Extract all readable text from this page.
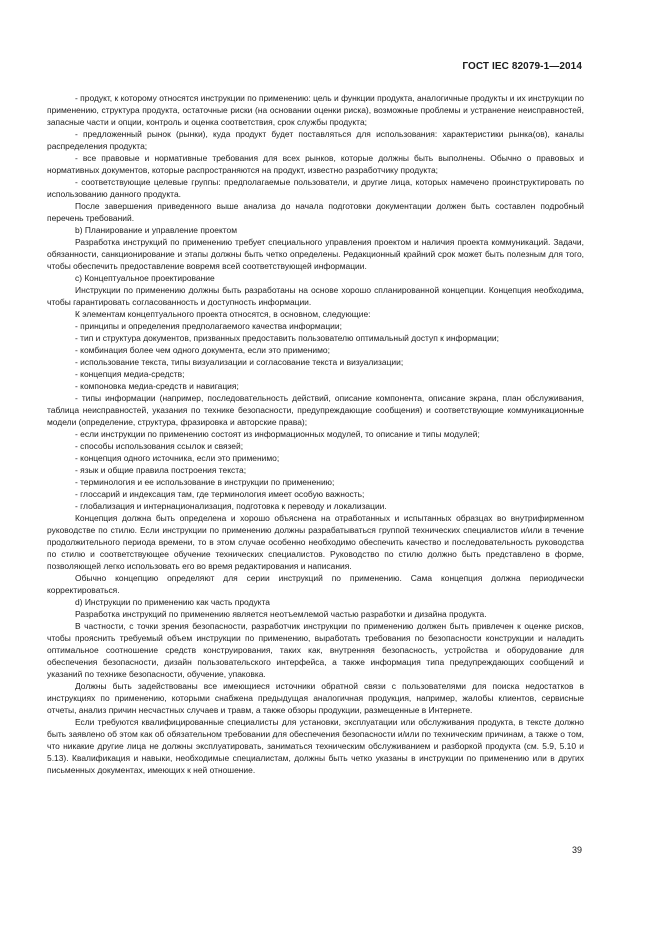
ГОСТ IEC 82079-1—2014

- продукт, к которому относятся инструкции по применению: цель и функции продукта, аналогичные продукты и их инструкции по применению, структура продукта, остаточные риски (на основании оценки риска), возможные проблемы и устранение неисправностей, запасные части и опции, контроль и оценка соответствия, срок службы продукта;

- предложенный рынок (рынки), куда продукт будет поставляться для использования: характеристики рынка(ов), каналы распределения продукта;

- все правовые и нормативные требования для всех рынков, которые должны быть выполнены. Обычно о правовых и нормативных документов, которые распространяются на продукт, известно разработчику продукта;

- соответствующие целевые группы: предполагаемые пользователи, и другие лица, которых намечено проинструктировать по использованию данного продукта.

После завершения приведенного выше анализа до начала подготовки документации должен быть составлен подробный перечень требований.

b) Планирование и управление проектом

Разработка инструкций по применению требует специального управления проектом и наличия проекта коммуникаций. Задачи, обязанности, санкционирование и этапы должны быть четко определены. Редакционный крайний срок может быть полезным для того, чтобы обеспечить предоставление вовремя всей соответствующей информации.

c) Концептуальное проектирование

Инструкции по применению должны быть разработаны на основе хорошо спланированной концепции. Концепция необходима, чтобы гарантировать согласованность и доступность информации.

К элементам концептуального проекта относятся, в основном, следующие:

- принципы и определения предполагаемого качества информации;

- тип и структура документов, призванных предоставить пользователю оптимальный доступ к информации;

- комбинация более чем одного документа, если это применимо;

- использование текста, типы визуализации и согласование текста и визуализации;

- концепция медиа-средств;

- компоновка медиа-средств и навигация;

- типы информации (например, последовательность действий, описание компонента, описание экрана, план обслуживания, таблица неисправностей, указания по технике безопасности, предупреждающие сообщения) и соответствующие коммуникационные модели (определение, структура, фразировка и авторские права);

- если инструкции по применению состоят из информационных модулей, то описание и типы модулей;

- способы использования ссылок и связей;

- концепция одного источника, если это применимо;

- язык и общие правила построения текста;

- терминология и ее использование в инструкции по применению;

- глоссарий и индексация там, где терминология имеет особую важность;

- глобализация и интернационализация, подготовка к переводу и локализации.

Концепция должна быть определена и хорошо объяснена на отработанных и испытанных образцах во внутрифирменном руководстве по стилю. Если инструкции по применению должны разрабатываться группой технических специалистов и/или в течение продолжительного периода времени, то в этом случае особенно необходимо обеспечить качество и последовательность руководства по стилю и соответствующее обучение технических специалистов. Руководство по стилю должно быть представлено в форме, позволяющей легко использовать его во время редактирования и написания.

Обычно концепцию определяют для серии инструкций по применению. Сама концепция должна периодически корректироваться.

d) Инструкции по применению как часть продукта

Разработка инструкций по применению является неотъемлемой частью разработки и дизайна продукта.

В частности, с точки зрения безопасности, разработчик инструкции по применению должен быть привлечен к оценке рисков, чтобы прояснить требуемый объем инструкции по применению, выработать требования по безопасности конструкции и наладить оптимальное соотношение средств конструирования, таких как, внутренняя безопасность, устройства и оборудование для обеспечения безопасности, дизайн пользовательского интерфейса, а также информация типа предупреждающих сообщений и указаний по технике безопасности, обучение, упаковка.

Должны быть задействованы все имеющиеся источники обратной связи с пользователями для поиска недостатков в инструкциях по применению, которыми снабжена предыдущая аналогичная продукция, например, жалобы клиентов, сервисные отчеты, анализ причин несчастных случаев и травм, а также обзоры продукции, размещенные в Интернете.

Если требуются квалифицированные специалисты для установки, эксплуатации или обслуживания продукта, в тексте должно быть заявлено об этом как об обязательном требовании для обеспечения безопасности и/или по техническим причинам, а также о том, что никакие другие лица не должны эксплуатировать, заниматься техническим обслуживанием и разборкой продукта (см. 5.9, 5.10 и 5.13). Квалификация и навыки, необходимые специалистам, должны быть четко указаны в инструкции по применению или в других письменных документах, имеющих к ней отношение.

39
